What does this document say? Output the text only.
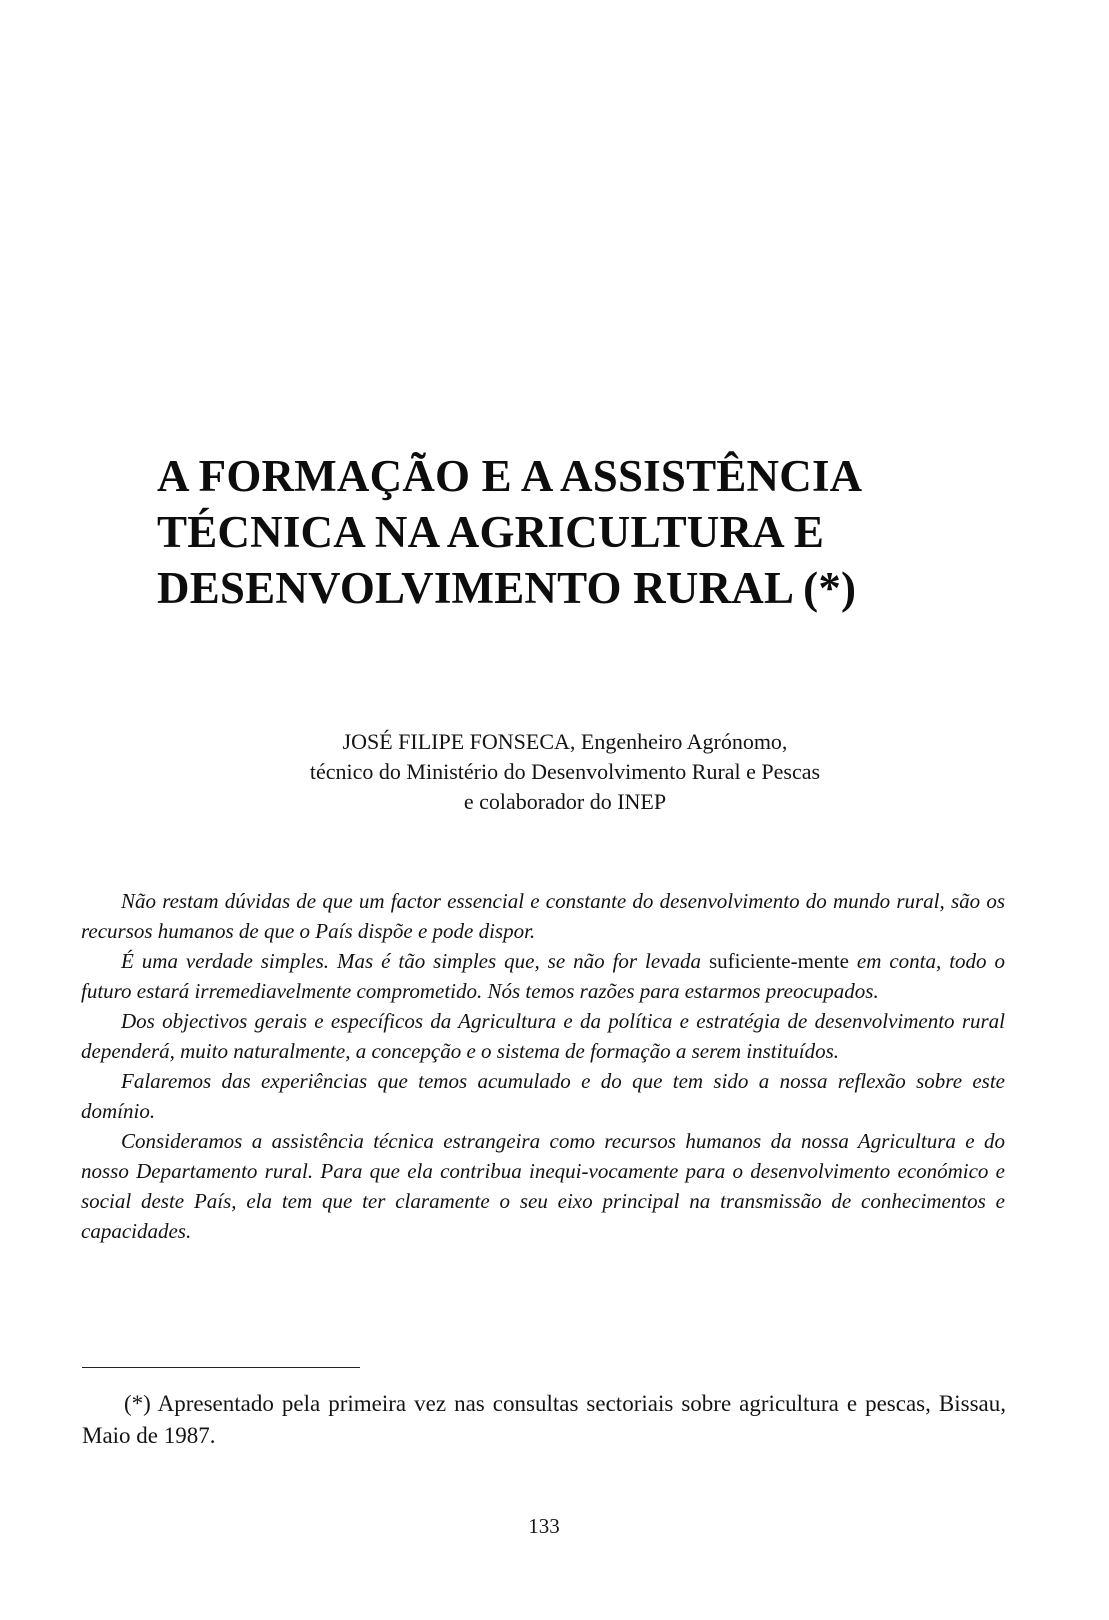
A FORMAÇÃO E A ASSISTÊNCIA
TÉCNICA NA AGRICULTURA E
DESENVOLVIMENTO RURAL (*)
JOSÉ FILIPE FONSECA, Engenheiro Agrónomo,
técnico do Ministério do Desenvolvimento Rural e Pescas
e colaborador do INEP

Não restam dúvidas de que um factor essencial e constante do desenvolvimento do mundo rural, são os recursos humanos de que o País dispõe e pode dispor.

É uma verdade simples. Mas é tão simples que, se não for levada suficiente-mente em conta, todo o futuro estará irremediavelmente comprometido. Nós temos razões para estarmos preocupados.

Dos objectivos gerais e específicos da Agricultura e da política e estratégia de desenvolvimento rural dependerá, muito naturalmente, a concepção e o sistema de formação a serem instituídos.

Falaremos das experiências que temos acumulado e do que tem sido a nossa reflexão sobre este domínio.

Consideramos a assistência técnica estrangeira como recursos humanos da nossa Agricultura e do nosso Departamento rural. Para que ela contribua inequi-vocamente para o desenvolvimento económico e social deste País, ela tem que ter claramente o seu eixo principal na transmissão de conhecimentos e capacidades.

(*) Apresentado pela primeira vez nas consultas sectoriais sobre agricultura e pescas, Bissau, Maio de 1987.

133
